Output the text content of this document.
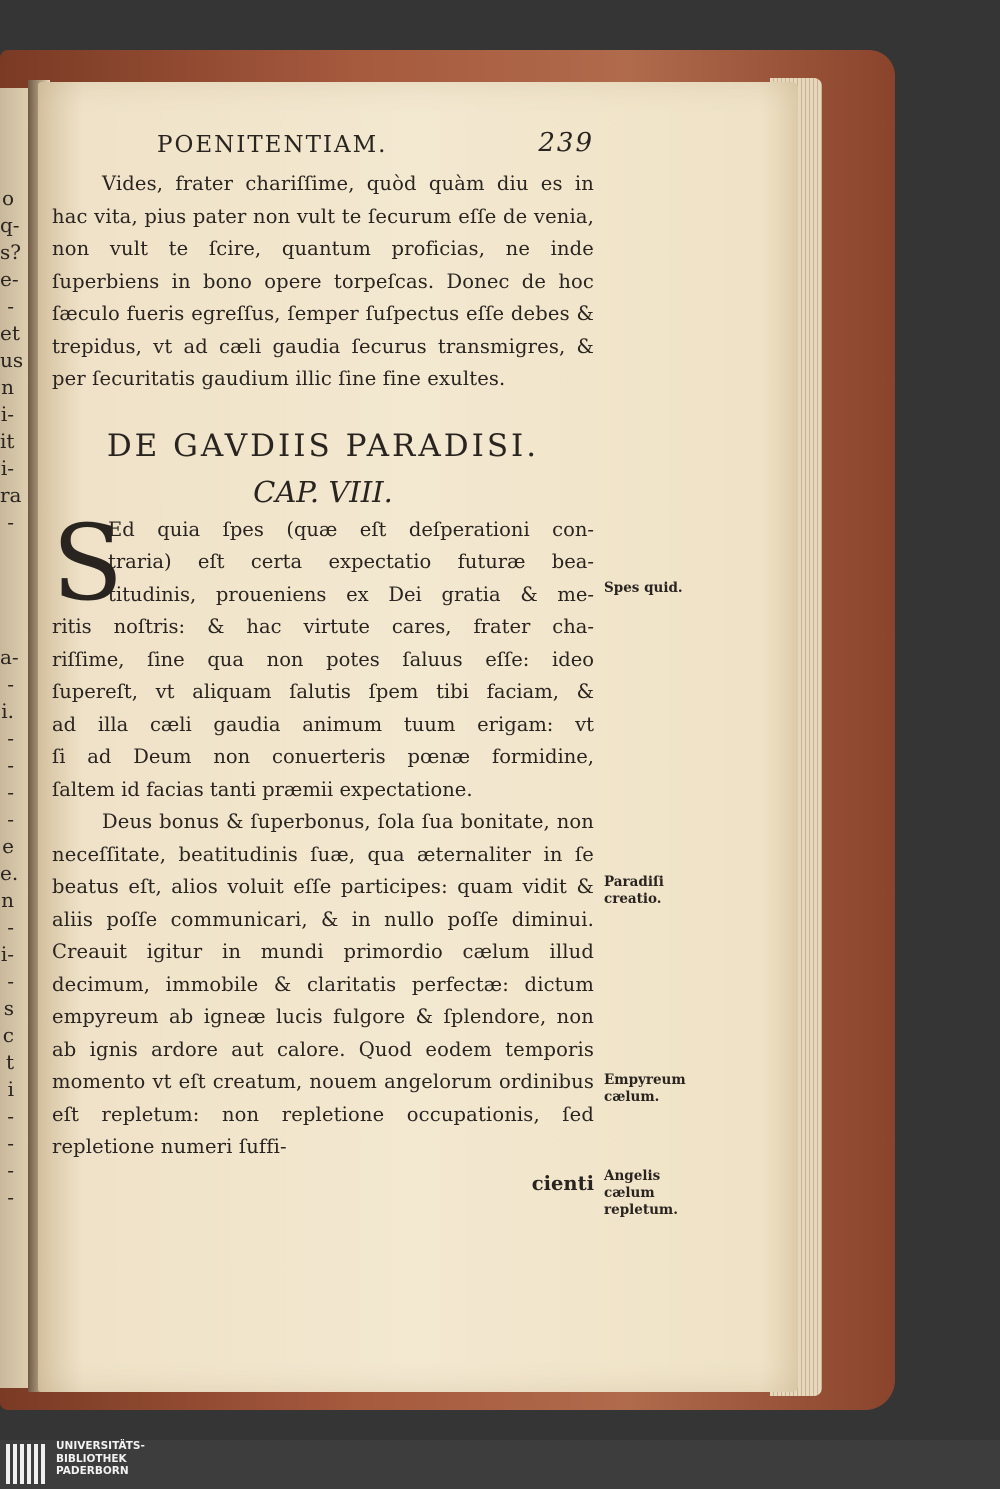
o
q-
s?
e-
-
et
us
n
i-
it
i-
ra
-
a-
-
i.
-
-
-
-
e
e.
n
-
i-
-
s
c
t
i
-
-
-
-
POENITENTIAM.	239

Vides, frater chariſſime, quòd quàm diu es in hac vita, pius pater non vult te ſecurum eſſe de venia, non vult te ſcire, quantum proficias, ne inde ſuperbiens in bono opere torpeſcas. Donec de hoc ſæculo fueris egreſſus, ſemper ſuſpectus eſſe debes & trepidus, vt ad cæli gaudia ſecurus transmigres, & per ſecuritatis gaudium illic ſine fine exultes.

DE GAVDIIS PARADISI.
CAP. VIII.
S
Ed quia ſpes (quæ eſt deſperationi con-
traria) eſt certa expectatio futuræ bea-
titudinis, proueniens ex Dei gratia & me-
ritis noſtris: & hac virtute cares, frater cha-
riſſime, ſine qua non potes ſaluus eſſe: ideo
ſupereſt, vt aliquam ſalutis ſpem tibi faciam, &
ad illa cæli gaudia animum tuum erigam: vt
ſi ad Deum non conuerteris pœnæ formidine,
ſaltem id facias tanti præmii expectatione.

Deus bonus & ſuperbonus, ſola ſua bonitate, non neceſſitate, beatitudinis ſuæ, qua æternaliter in ſe beatus eſt, alios voluit eſſe participes: quam vidit & aliis poſſe communicari, & in nullo poſſe diminui. Creauit igitur in mundi primordio cælum illud decimum, immobile & claritatis perfectæ: dictum empyreum ab igneæ lucis fulgore & ſplendore, non ab ignis ardore aut calore. Quod eodem temporis momento vt eſt creatum, nouem angelorum ordinibus eſt repletum: non repletione occupationis, ſed repletione numeri ſuffi-

cienti
Spes quid.
Paradiſi creatio.
Empyreum cælum.
Angelis cælum repletum.
UNIVERSITÄTS-
BIBLIOTHEK
PADERBORN
